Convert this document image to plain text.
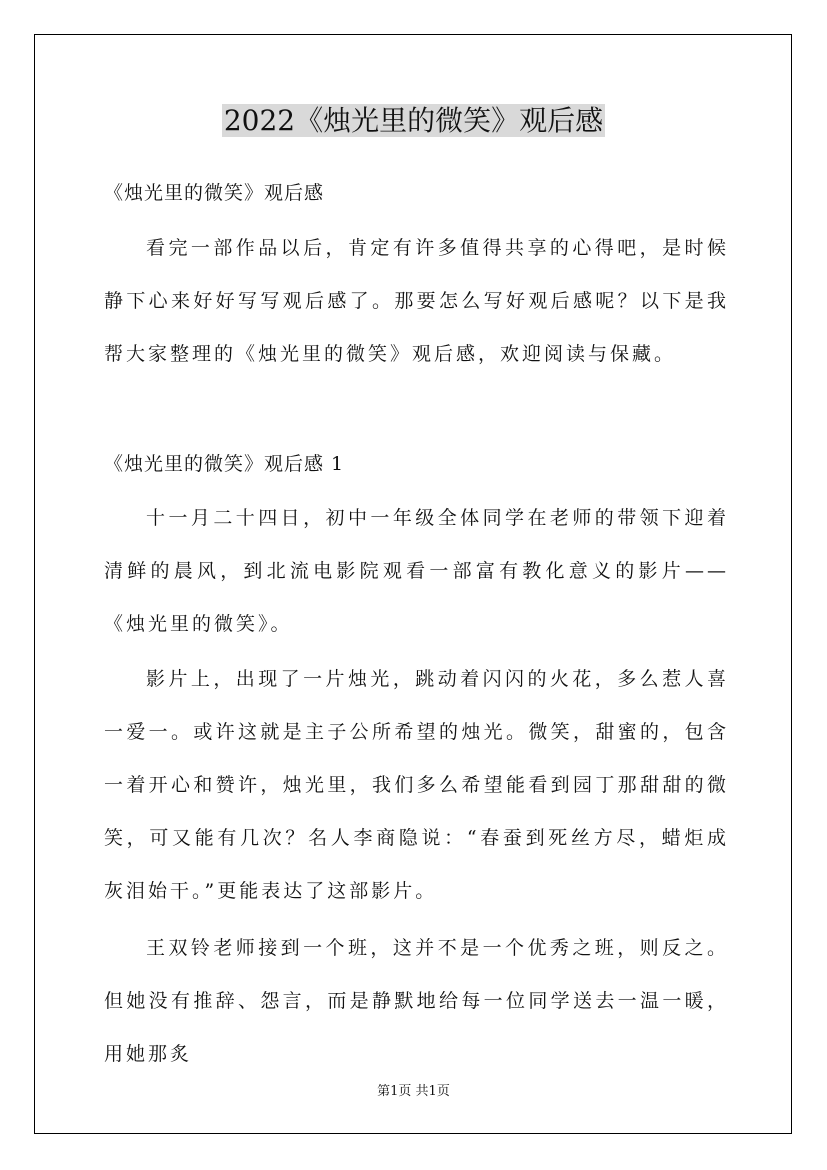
2022《烛光里的微笑》观后感

《烛光里的微笑》观后感

看完一部作品以后，肯定有许多值得共享的心得吧，是时候静下心来好好写写观后感了。那要怎么写好观后感呢？以下是我帮大家整理的《烛光里的微笑》观后感，欢迎阅读与保藏。

《烛光里的微笑》观后感 1

十一月二十四日，初中一年级全体同学在老师的带领下迎着清鲜的晨风，到北流电影院观看一部富有教化意义的影片——《烛光里的微笑》。

影片上，出现了一片烛光，跳动着闪闪的火花，多么惹人喜一爱一。或许这就是主子公所希望的烛光。微笑，甜蜜的，包含一着开心和赞许，烛光里，我们多么希望能看到园丁那甜甜的微笑，可又能有几次？名人李商隐说：“春蚕到死丝方尽，蜡炬成灰泪始干。”更能表达了这部影片。

王双铃老师接到一个班，这并不是一个优秀之班，则反之。但她没有推辞、怨言，而是静默地给每一位同学送去一温一暖，用她那炙

第1页 共1页
